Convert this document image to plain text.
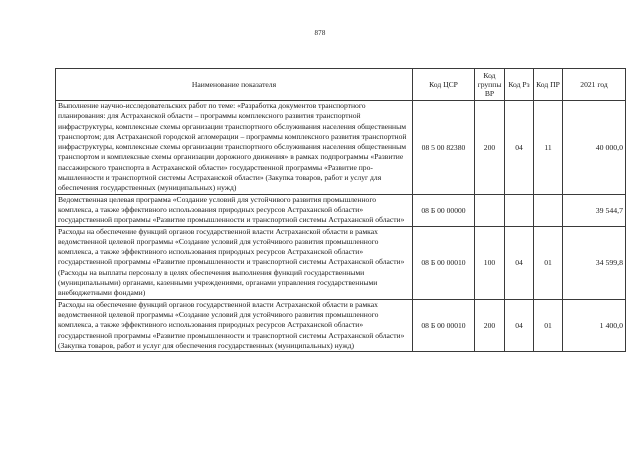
878
Наименование показателя	Код ЦСР	Код группы ВР	Код Рз	Код ПР	2021 год
Выполнение научно-исследовательских работ по теме: «Разработка документов транспортного планирования: для Астраханской области – программы комплексного развития транспортной инфраструктуры, комплексные схемы организации транспортного обслуживания населения общественным транспортом; для Астраханской городской агломерации – программы комплексного развития транспортной инфраструктуры, комплексные схемы организации транспортного обслуживания населения общественным транспортом и комплексные схемы организации дорожного движения» в рамках подпрограммы «Развитие пассажирского транспорта в Астраханской области» государственной программы «Развитие промышленности и транспортной системы Астраханской области» (Закупка товаров, работ и услуг для обеспечения государственных (муниципальных) нужд)	08 5 00 82380	200	04	11	40 000,0
Ведомственная целевая программа «Создание условий для устойчивого развития промышленного комплекса, а также эффективного использования природных ресурсов Астраханской области» государственной программы «Развитие промышленности и транспортной системы Астраханской области»	08 Б 00 00000				39 544,7
Расходы на обеспечение функций органов государственной власти Астраханской области в рамках ведомственной целевой программы «Создание условий для устойчивого развития промышленного комплекса, а также эффективного использования природных ресурсов Астраханской области» государственной программы «Развитие промышленности и транспортной системы Астраханской области» (Расходы на выплаты персоналу в целях обеспечения выполнения функций государственными (муниципальными) органами, казенными учреждениями, органами управления государственными внебюджетными фондами)	08 Б 00 00010	100	04	01	34 599,8
Расходы на обеспечение функций органов государственной власти Астраханской области в рамках ведомственной целевой программы «Создание условий для устойчивого развития промышленного комплекса, а также эффективного использования природных ресурсов Астраханской области» государственной программы «Развитие промышленности и транспортной системы Астраханской области» (Закупка товаров, работ и услуг для обеспечения государственных (муниципальных) нужд)	08 Б 00 00010	200	04	01	1 400,0
